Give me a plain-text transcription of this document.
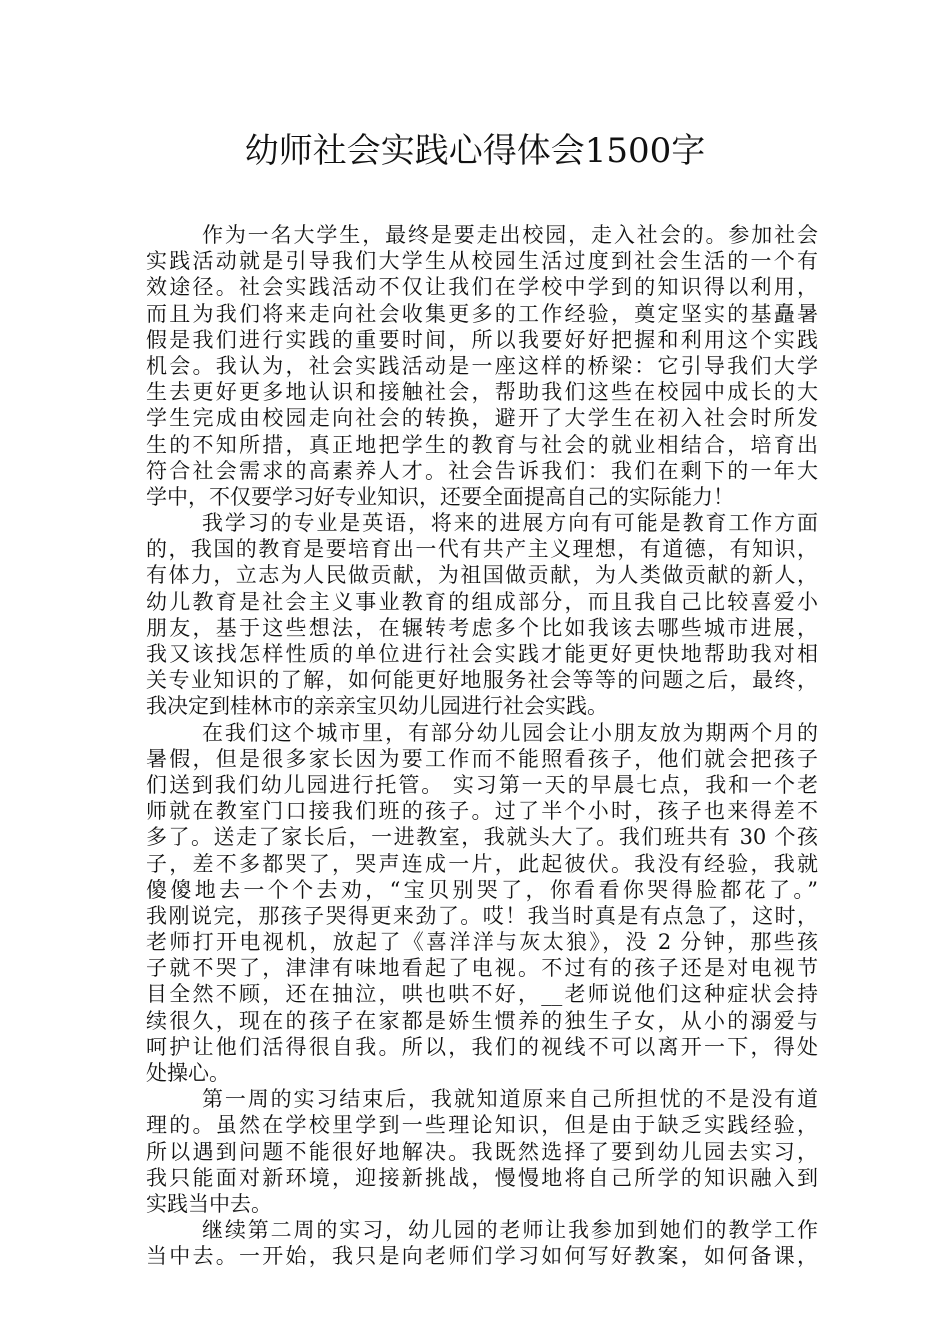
幼师社会实践心得体会1500字
作为一名大学生，最终是要走出校园，走入社会的。参加社会
实践活动就是引导我们大学生从校园生活过度到社会生活的一个有
效途径。社会实践活动不仅让我们在学校中学到的知识得以利用，
而且为我们将来走向社会收集更多的工作经验，奠定坚实的基矗暑
假是我们进行实践的重要时间，所以我要好好把握和利用这个实践
机会。我认为，社会实践活动是一座这样的桥梁：它引导我们大学
生去更好更多地认识和接触社会，帮助我们这些在校园中成长的大
学生完成由校园走向社会的转换，避开了大学生在初入社会时所发
生的不知所措，真正地把学生的教育与社会的就业相结合，培育出
符合社会需求的高素养人才。社会告诉我们：我们在剩下的一年大
学中，不仅要学习好专业知识，还要全面提高自己的实际能力！
我学习的专业是英语，将来的进展方向有可能是教育工作方面
的，我国的教育是要培育出一代有共产主义理想，有道德，有知识，
有体力，立志为人民做贡献，为祖国做贡献，为人类做贡献的新人，
幼儿教育是社会主义事业教育的组成部分，而且我自己比较喜爱小
朋友，基于这些想法，在辗转考虑多个比如我该去哪些城市进展，
我又该找怎样性质的单位进行社会实践才能更好更快地帮助我对相
关专业知识的了解，如何能更好地服务社会等等的问题之后，最终，
我决定到桂林市的亲亲宝贝幼儿园进行社会实践。
在我们这个城市里，有部分幼儿园会让小朋友放为期两个月的
暑假，但是很多家长因为要工作而不能照看孩子，他们就会把孩子
们送到我们幼儿园进行托管。 实习第一天的早晨七点，我和一个老
师就在教室门口接我们班的孩子。过了半个小时，孩子也来得差不
多了。送走了家长后，一进教室，我就头大了。我们班共有 30 个孩
子，差不多都哭了，哭声连成一片，此起彼伏。我没有经验，我就
傻傻地去一个个去劝，“宝贝别哭了，你看看你哭得脸都花了。”
我刚说完，那孩子哭得更来劲了。哎！我当时真是有点急了，这时，
老师打开电视机，放起了《喜洋洋与灰太狼》，没 2 分钟，那些孩
子就不哭了，津津有味地看起了电视。不过有的孩子还是对电视节
目全然不顾，还在抽泣，哄也哄不好，__老师说他们这种症状会持
续很久，现在的孩子在家都是娇生惯养的独生子女，从小的溺爱与
呵护让他们活得很自我。所以，我们的视线不可以离开一下，得处
处操心。
第一周的实习结束后，我就知道原来自己所担忧的不是没有道
理的。虽然在学校里学到一些理论知识，但是由于缺乏实践经验，
所以遇到问题不能很好地解决。我既然选择了要到幼儿园去实习，
我只能面对新环境，迎接新挑战，慢慢地将自己所学的知识融入到
实践当中去。
继续第二周的实习，幼儿园的老师让我参加到她们的教学工作
当中去。一开始，我只是向老师们学习如何写好教案，如何备课，
